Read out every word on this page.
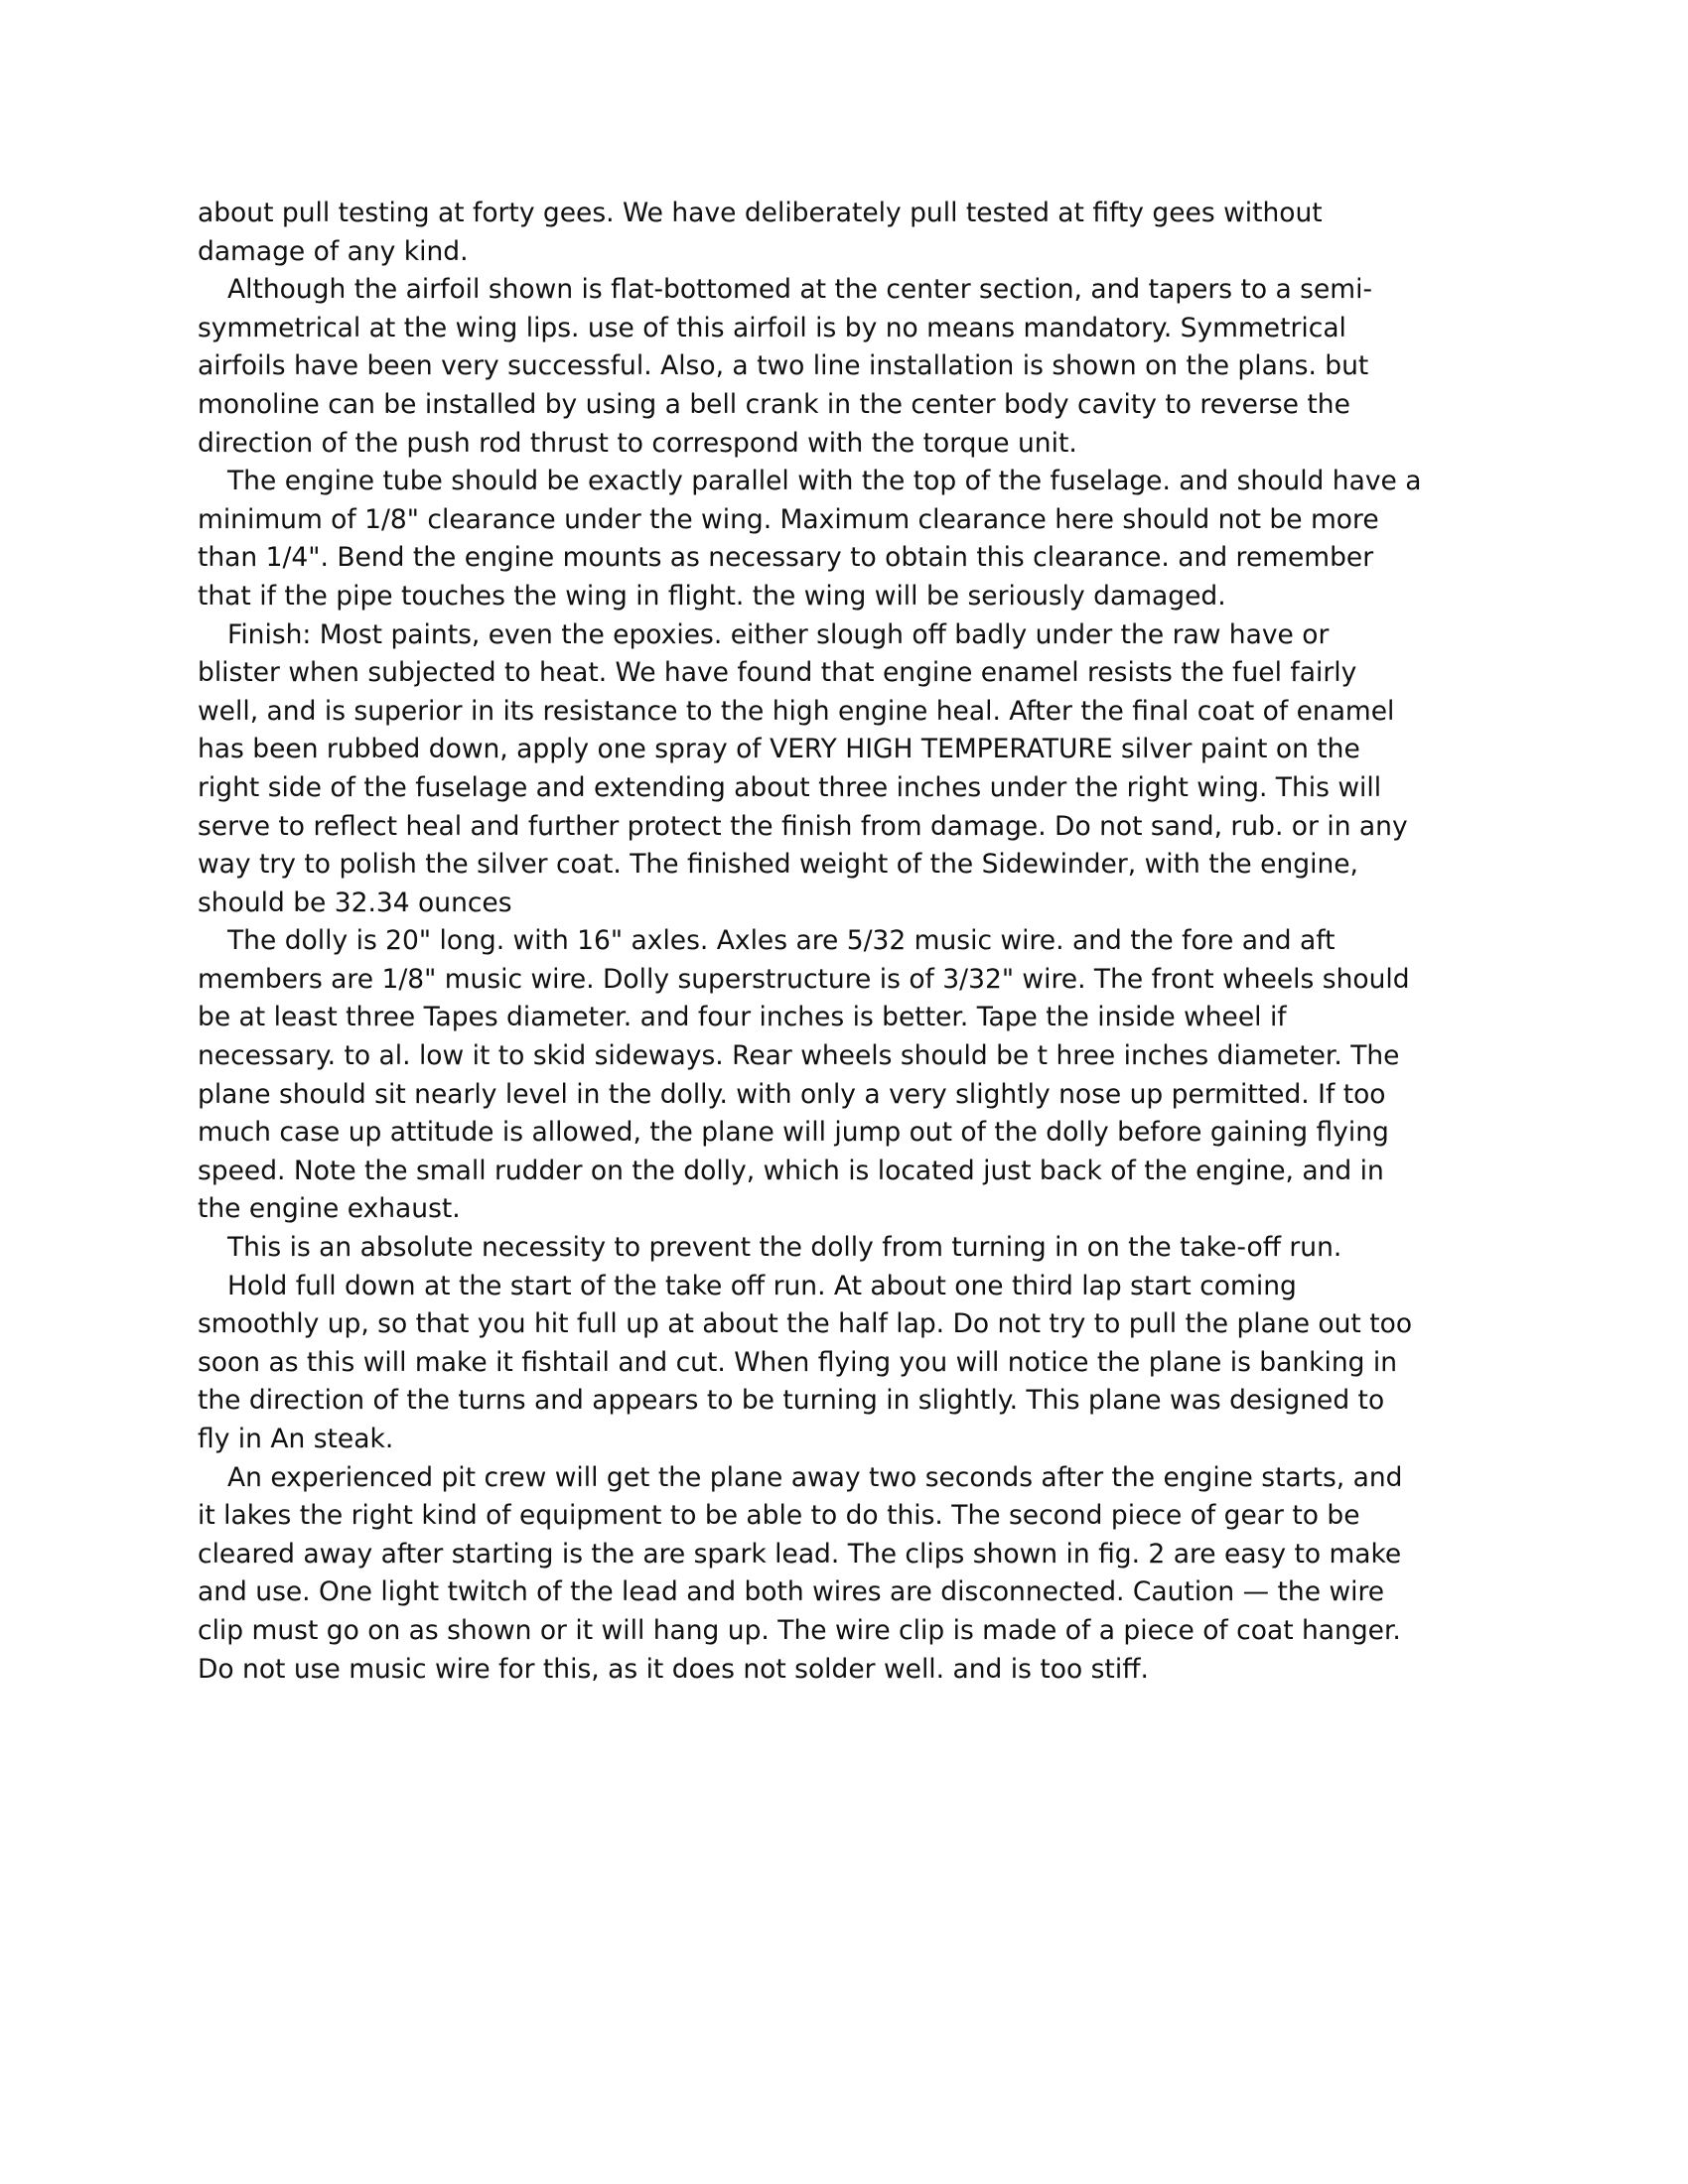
about pull testing at forty gees. We have deliberately pull tested at fifty gees without
damage of any kind.

Although the airfoil shown is flat-bottomed at the center section, and tapers to a semi-
symmetrical at the wing lips. use of this airfoil is by no means mandatory. Symmetrical
airfoils have been very successful. Also, a two line installation is shown on the plans. but
monoline can be installed by using a bell crank in the center body cavity to reverse the
direction of the push rod thrust to correspond with the torque unit.

The engine tube should be exactly parallel with the top of the fuselage. and should have a
minimum of 1/8" clearance under the wing. Maximum clearance here should not be more
than 1/4". Bend the engine mounts as necessary to obtain this clearance. and remember
that if the pipe touches the wing in flight. the wing will be seriously damaged.

Finish: Most paints, even the epoxies. either slough off badly under the raw have or
blister when subjected to heat. We have found that engine enamel resists the fuel fairly
well, and is superior in its resistance to the high engine heal. After the final coat of enamel
has been rubbed down, apply one spray of VERY HIGH TEMPERATURE silver paint on the
right side of the fuselage and extending about three inches under the right wing. This will
serve to reflect heal and further protect the finish from damage. Do not sand, rub. or in any
way try to polish the silver coat. The finished weight of the Sidewinder, with the engine,
should be 32.34 ounces

The dolly is 20" long. with 16" axles. Axles are 5/32 music wire. and the fore and aft
members are 1/8" music wire. Dolly superstructure is of 3/32" wire. The front wheels should
be at least three Tapes diameter. and four inches is better. Tape the inside wheel if
necessary. to al. low it to skid sideways. Rear wheels should be t hree inches diameter. The
plane should sit nearly level in the dolly. with only a very slightly nose up permitted. If too
much case up attitude is allowed, the plane will jump out of the dolly before gaining flying
speed. Note the small rudder on the dolly, which is located just back of the engine, and in
the engine exhaust.

This is an absolute necessity to prevent the dolly from turning in on the take-off run.

Hold full down at the start of the take off run. At about one third lap start coming
smoothly up, so that you hit full up at about the half lap. Do not try to pull the plane out too
soon as this will make it fishtail and cut. When flying you will notice the plane is banking in
the direction of the turns and appears to be turning in slightly. This plane was designed to
fly in An steak.

An experienced pit crew will get the plane away two seconds after the engine starts, and
it lakes the right kind of equipment to be able to do this. The second piece of gear to be
cleared away after starting is the are spark lead. The clips shown in fig. 2 are easy to make
and use. One light twitch of the lead and both wires are disconnected. Caution — the wire
clip must go on as shown or it will hang up. The wire clip is made of a piece of coat hanger.
Do not use music wire for this, as it does not solder well. and is too stiff.
